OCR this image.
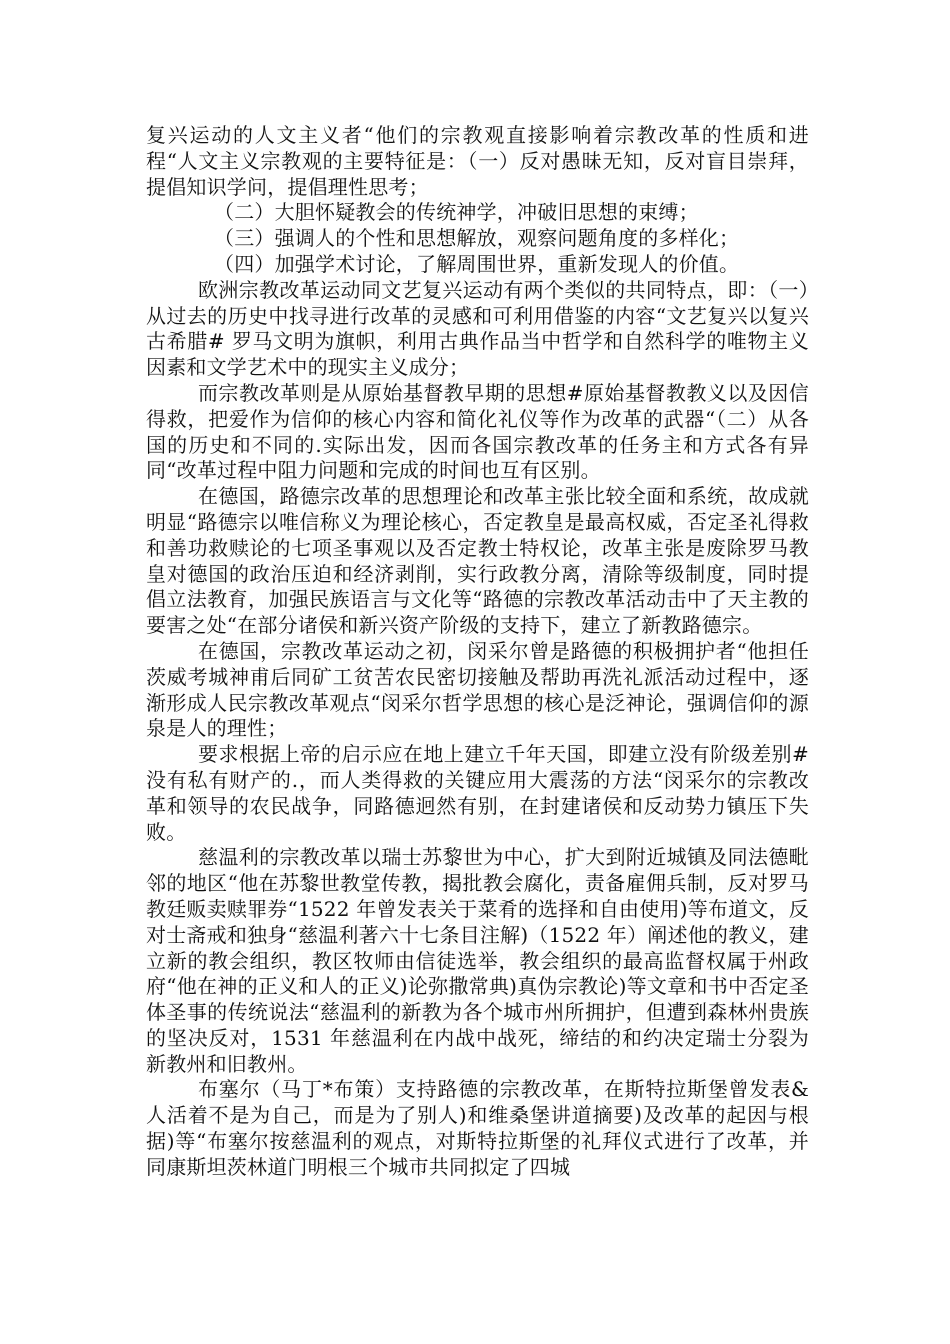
复兴运动的人文主义者“他们的宗教观直接影响着宗教改革的性质和进程“人文主义宗教观的主要特征是：（一）反对愚昧无知，反对盲目崇拜，提倡知识学问，提倡理性思考；

（二）大胆怀疑教会的传统神学，冲破旧思想的束缚；

（三）强调人的个性和思想解放，观察问题角度的多样化；

（四）加强学术讨论，了解周围世界，重新发现人的价值。

欧洲宗教改革运动同文艺复兴运动有两个类似的共同特点，即：（一）从过去的历史中找寻进行改革的灵感和可利用借鉴的内容“文艺复兴以复兴古希腊# 罗马文明为旗帜，利用古典作品当中哲学和自然科学的唯物主义因素和文学艺术中的现实主义成分；

而宗教改革则是从原始基督教早期的思想#原始基督教教义以及因信得救，把爱作为信仰的核心内容和简化礼仪等作为改革的武器“（二）从各国的历史和不同的.实际出发，因而各国宗教改革的任务主和方式各有异同“改革过程中阻力问题和完成的时间也互有区别。

在德国，路德宗改革的思想理论和改革主张比较全面和系统，故成就明显“路德宗以唯信称义为理论核心，否定教皇是最高权威，否定圣礼得救和善功救赎论的七项圣事观以及否定教士特权论，改革主张是废除罗马教皇对德国的政治压迫和经济剥削，实行政教分离，清除等级制度，同时提倡立法教育，加强民族语言与文化等“路德的宗教改革活动击中了天主教的要害之处“在部分诸侯和新兴资产阶级的支持下，建立了新教路德宗。

在德国，宗教改革运动之初，闵采尔曾是路德的积极拥护者“他担任茨威考城神甫后同矿工贫苦农民密切接触及帮助再洗礼派活动过程中，逐渐形成人民宗教改革观点“闵采尔哲学思想的核心是泛神论，强调信仰的源泉是人的理性；

要求根据上帝的启示应在地上建立千年天国，即建立没有阶级差别#没有私有财产的.，而人类得救的关键应用大震荡的方法“闵采尔的宗教改革和领导的农民战争，同路德迥然有别，在封建诸侯和反动势力镇压下失败。

慈温利的宗教改革以瑞士苏黎世为中心，扩大到附近城镇及同法德毗邻的地区“他在苏黎世教堂传教，揭批教会腐化，责备雇佣兵制，反对罗马教廷贩卖赎罪券“1522 年曾发表关于菜肴的选择和自由使用)等布道文，反对士斋戒和独身“慈温利著六十七条目注解)（1522 年）阐述他的教义，建立新的教会组织，教区牧师由信徒选举，教会组织的最高监督权属于州政府“他在神的正义和人的正义)论弥撒常典)真伪宗教论)等文章和书中否定圣体圣事的传统说法“慈温利的新教为各个城市州所拥护，但遭到森林州贵族的坚决反对，1531 年慈温利在内战中战死，缔结的和约决定瑞士分裂为新教州和旧教州。

布塞尔（马丁*布策）支持路德的宗教改革，在斯特拉斯堡曾发表&人活着不是为自己，而是为了别人)和维桑堡讲道摘要)及改革的起因与根据)等“布塞尔按慈温利的观点，对斯特拉斯堡的礼拜仪式进行了改革，并同康斯坦茨林道门明根三个城市共同拟定了四城
